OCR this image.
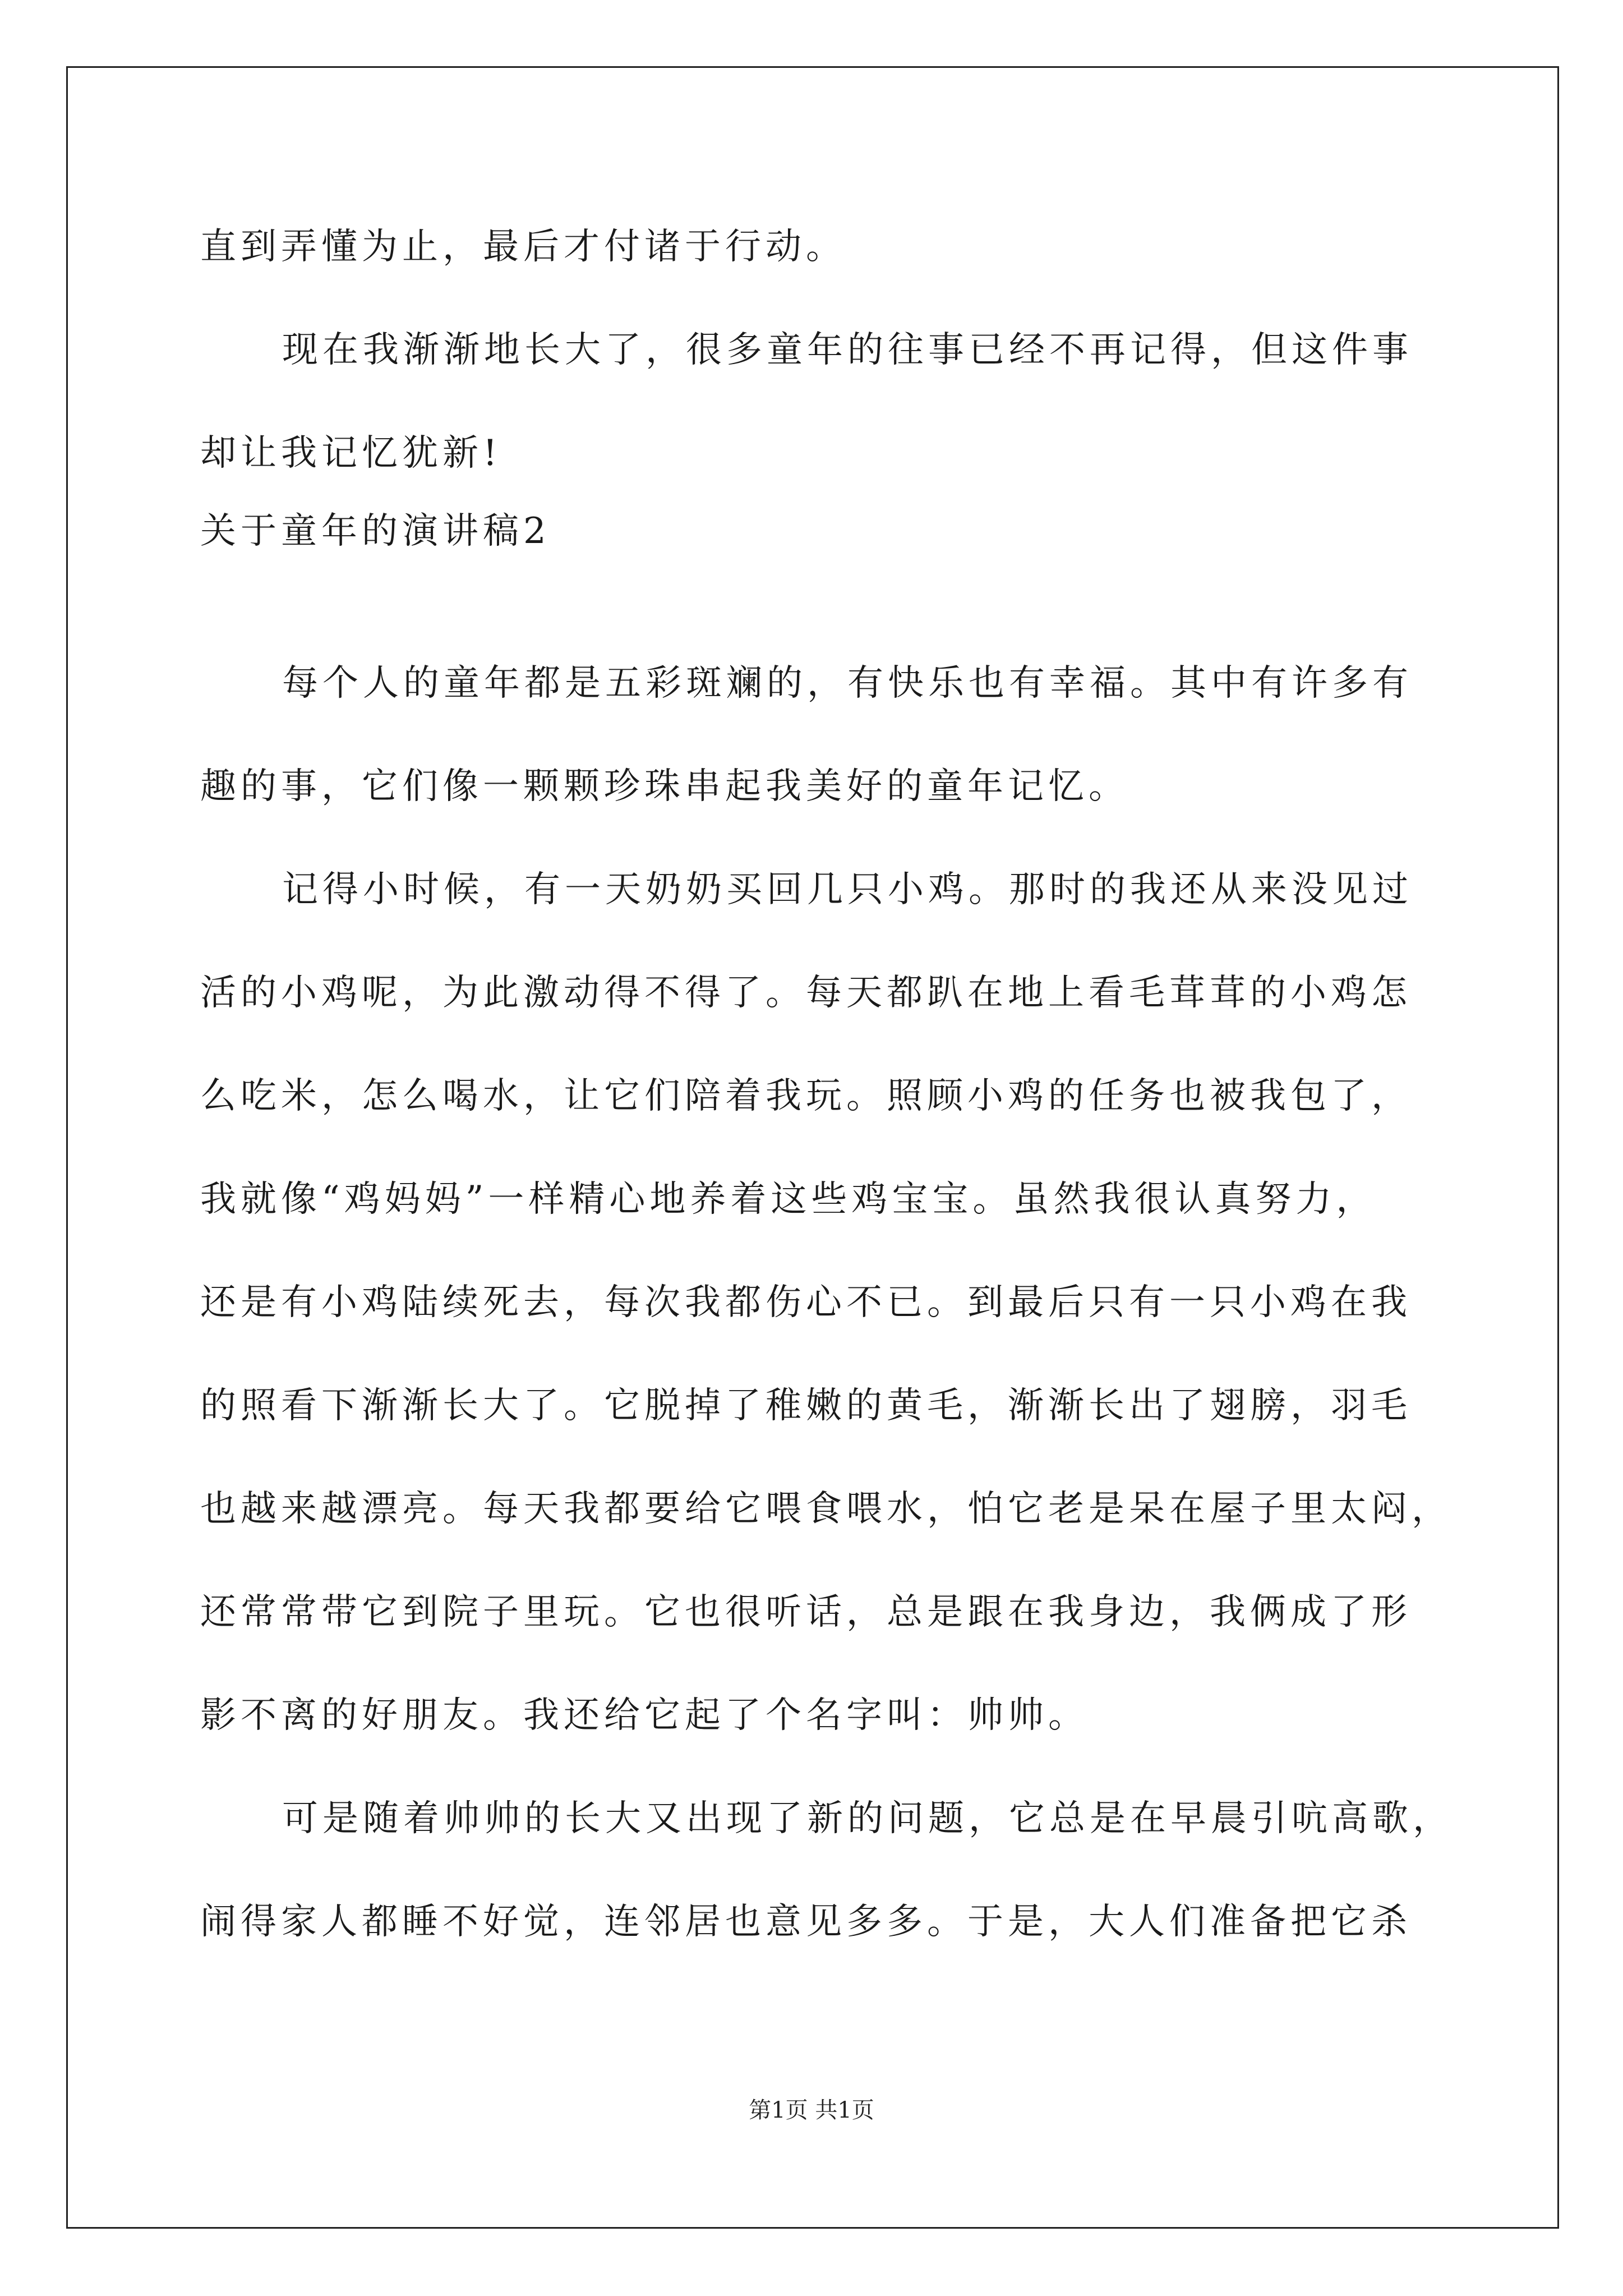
直到弄懂为止，最后才付诸于行动。
现在我渐渐地长大了，很多童年的往事已经不再记得，但这件事
却让我记忆犹新!
关于童年的演讲稿2
每个人的童年都是五彩斑斓的，有快乐也有幸福。其中有许多有
趣的事，它们像一颗颗珍珠串起我美好的童年记忆。
记得小时候，有一天奶奶买回几只小鸡。那时的我还从来没见过
活的小鸡呢，为此激动得不得了。每天都趴在地上看毛茸茸的小鸡怎
么吃米，怎么喝水，让它们陪着我玩。照顾小鸡的任务也被我包了，
我就像“鸡妈妈”一样精心地养着这些鸡宝宝。虽然我很认真努力，
还是有小鸡陆续死去，每次我都伤心不已。到最后只有一只小鸡在我
的照看下渐渐长大了。它脱掉了稚嫩的黄毛，渐渐长出了翅膀，羽毛
也越来越漂亮。每天我都要给它喂食喂水，怕它老是呆在屋子里太闷，
还常常带它到院子里玩。它也很听话，总是跟在我身边，我俩成了形
影不离的好朋友。我还给它起了个名字叫：帅帅。
可是随着帅帅的长大又出现了新的问题，它总是在早晨引吭高歌，
闹得家人都睡不好觉，连邻居也意见多多。于是，大人们准备把它杀
第1页 共1页
